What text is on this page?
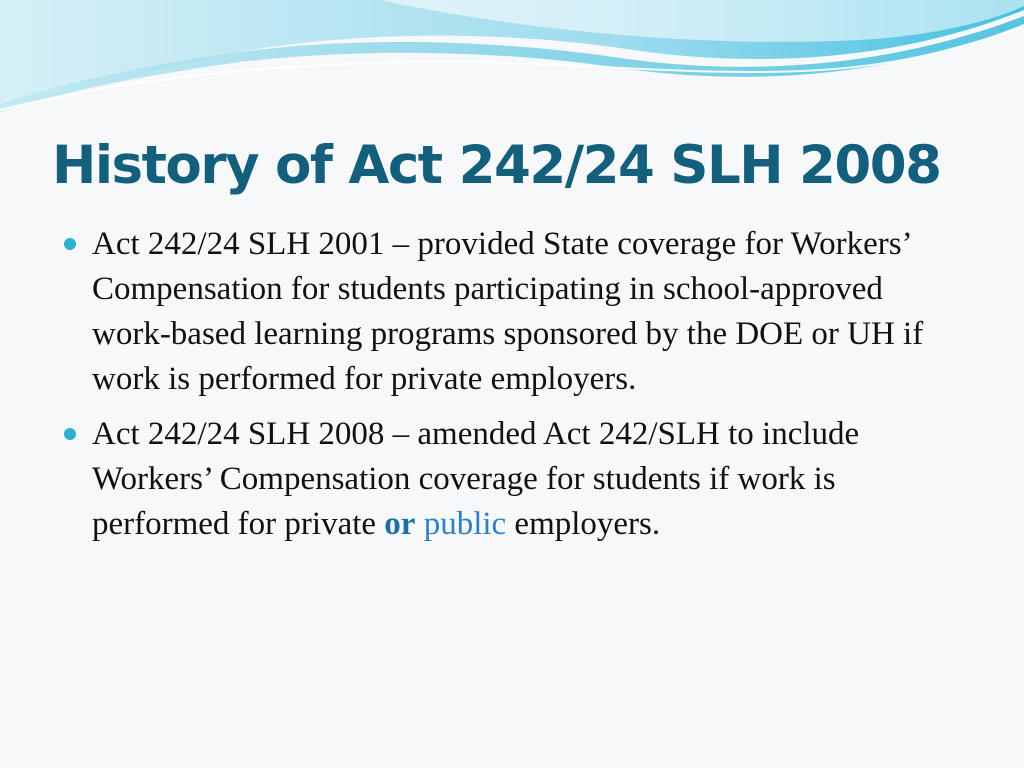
History of Act 242/24 SLH 2008
Act 242/24 SLH 2001 – provided State coverage for Workers’ Compensation for students participating in school-approved work-based learning programs sponsored by the DOE or UH if work is performed for private employers.
Act 242/24 SLH 2008 – amended Act 242/SLH to include Workers’ Compensation coverage for students if work is performed for private or public employers.
